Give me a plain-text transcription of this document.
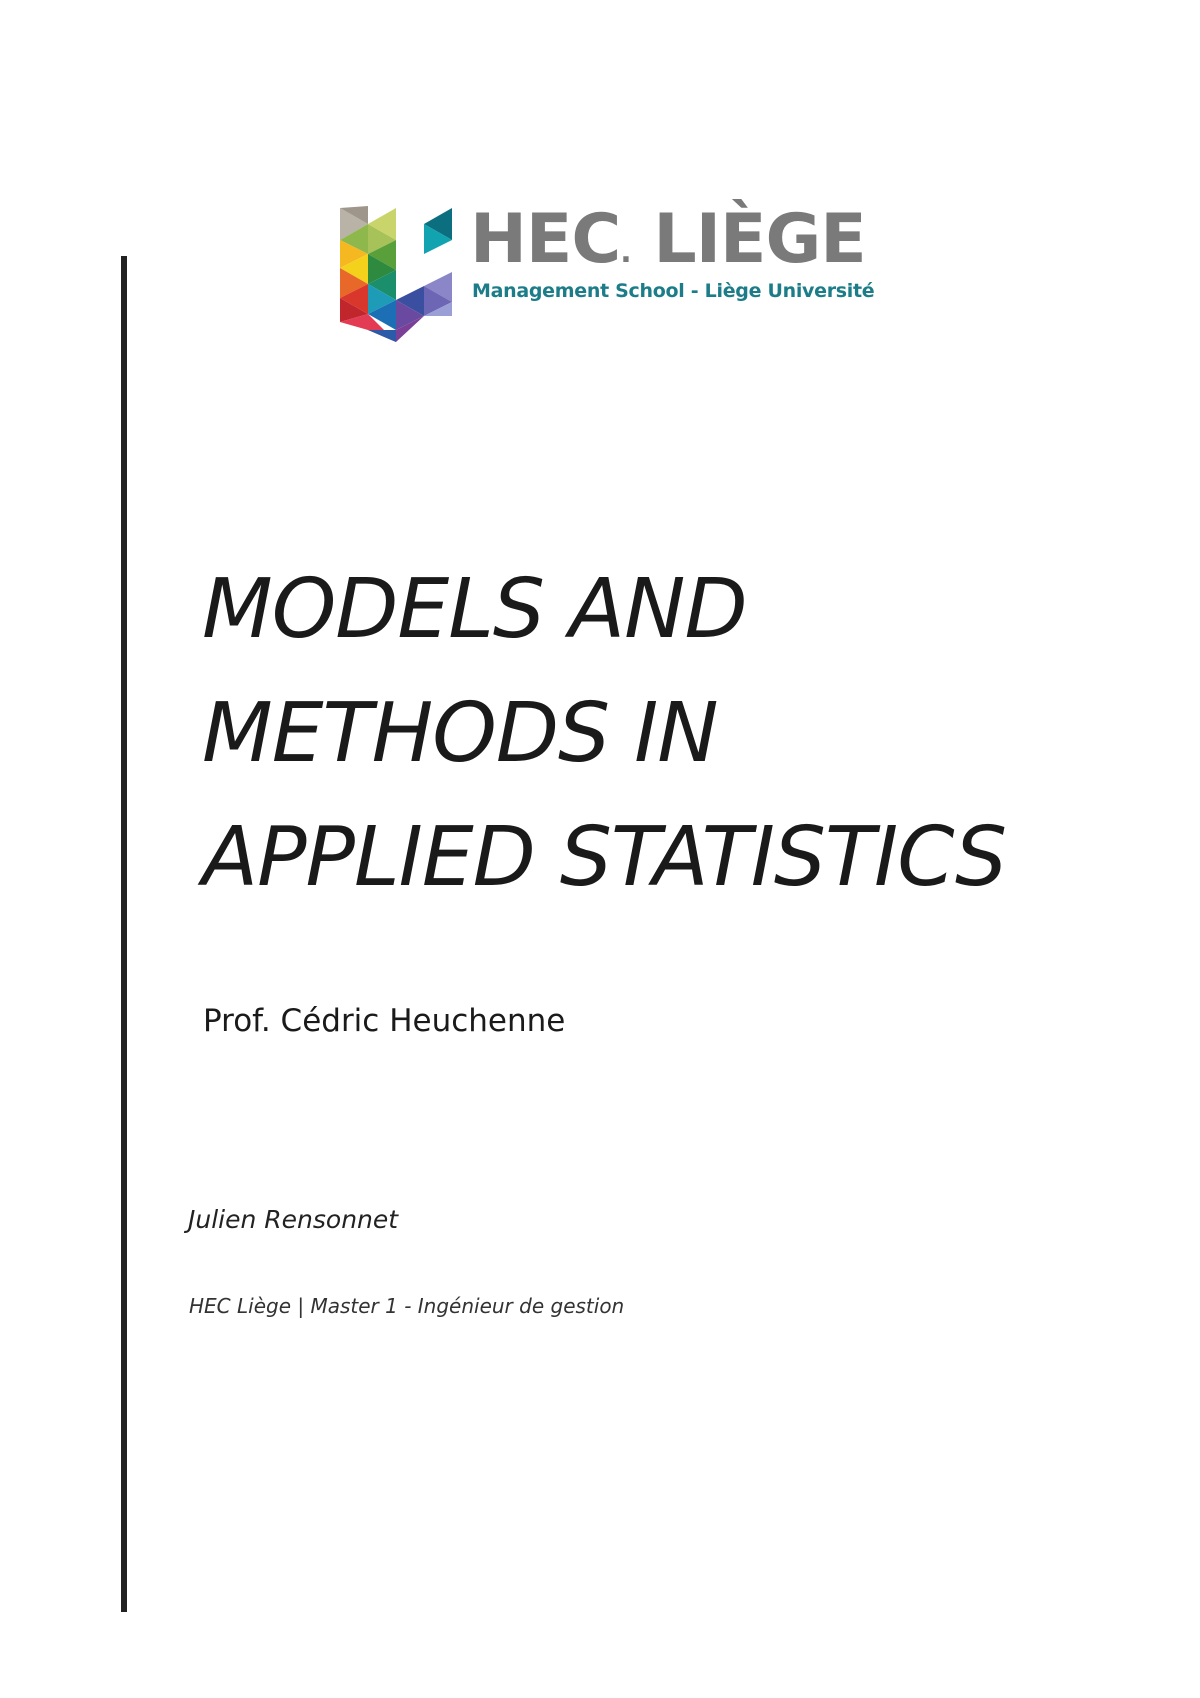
HEC. LIÈGE
Management School - Liège Université
MODELS AND
METHODS IN
APPLIED STATISTICS
Prof. Cédric Heuchenne
Julien Rensonnet
HEC Liège | Master 1 - Ingénieur de gestion
